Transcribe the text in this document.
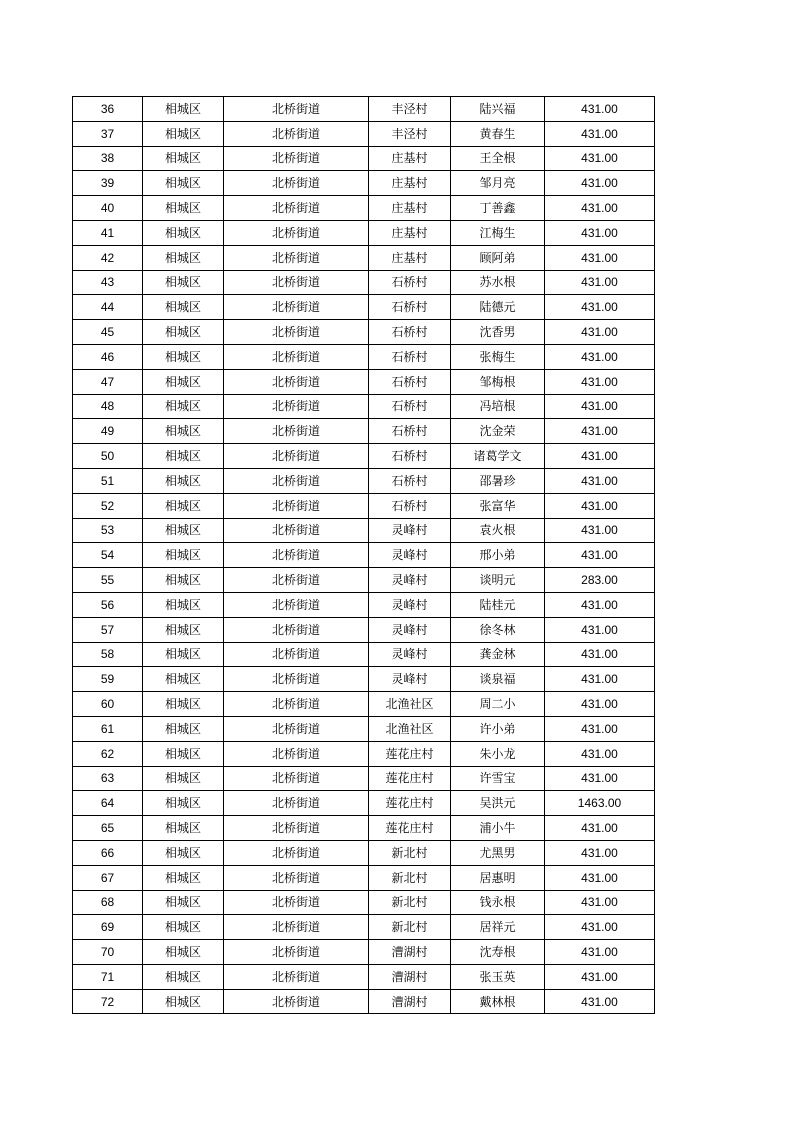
36	相城区	北桥街道	丰泾村	陆兴福	431.00
37	相城区	北桥街道	丰泾村	黄春生	431.00
38	相城区	北桥街道	庄基村	王全根	431.00
39	相城区	北桥街道	庄基村	邹月亮	431.00
40	相城区	北桥街道	庄基村	丁善鑫	431.00
41	相城区	北桥街道	庄基村	江梅生	431.00
42	相城区	北桥街道	庄基村	顾阿弟	431.00
43	相城区	北桥街道	石桥村	苏水根	431.00
44	相城区	北桥街道	石桥村	陆德元	431.00
45	相城区	北桥街道	石桥村	沈香男	431.00
46	相城区	北桥街道	石桥村	张梅生	431.00
47	相城区	北桥街道	石桥村	邹梅根	431.00
48	相城区	北桥街道	石桥村	冯培根	431.00
49	相城区	北桥街道	石桥村	沈金荣	431.00
50	相城区	北桥街道	石桥村	诸葛学文	431.00
51	相城区	北桥街道	石桥村	邵暑珍	431.00
52	相城区	北桥街道	石桥村	张富华	431.00
53	相城区	北桥街道	灵峰村	袁火根	431.00
54	相城区	北桥街道	灵峰村	邢小弟	431.00
55	相城区	北桥街道	灵峰村	谈明元	283.00
56	相城区	北桥街道	灵峰村	陆桂元	431.00
57	相城区	北桥街道	灵峰村	徐冬林	431.00
58	相城区	北桥街道	灵峰村	龚金林	431.00
59	相城区	北桥街道	灵峰村	谈泉福	431.00
60	相城区	北桥街道	北渔社区	周二小	431.00
61	相城区	北桥街道	北渔社区	许小弟	431.00
62	相城区	北桥街道	莲花庄村	朱小龙	431.00
63	相城区	北桥街道	莲花庄村	许雪宝	431.00
64	相城区	北桥街道	莲花庄村	吴洪元	1463.00
65	相城区	北桥街道	莲花庄村	浦小牛	431.00
66	相城区	北桥街道	新北村	尤黑男	431.00
67	相城区	北桥街道	新北村	居惠明	431.00
68	相城区	北桥街道	新北村	钱永根	431.00
69	相城区	北桥街道	新北村	居祥元	431.00
70	相城区	北桥街道	漕湖村	沈寿根	431.00
71	相城区	北桥街道	漕湖村	张玉英	431.00
72	相城区	北桥街道	漕湖村	戴林根	431.00
